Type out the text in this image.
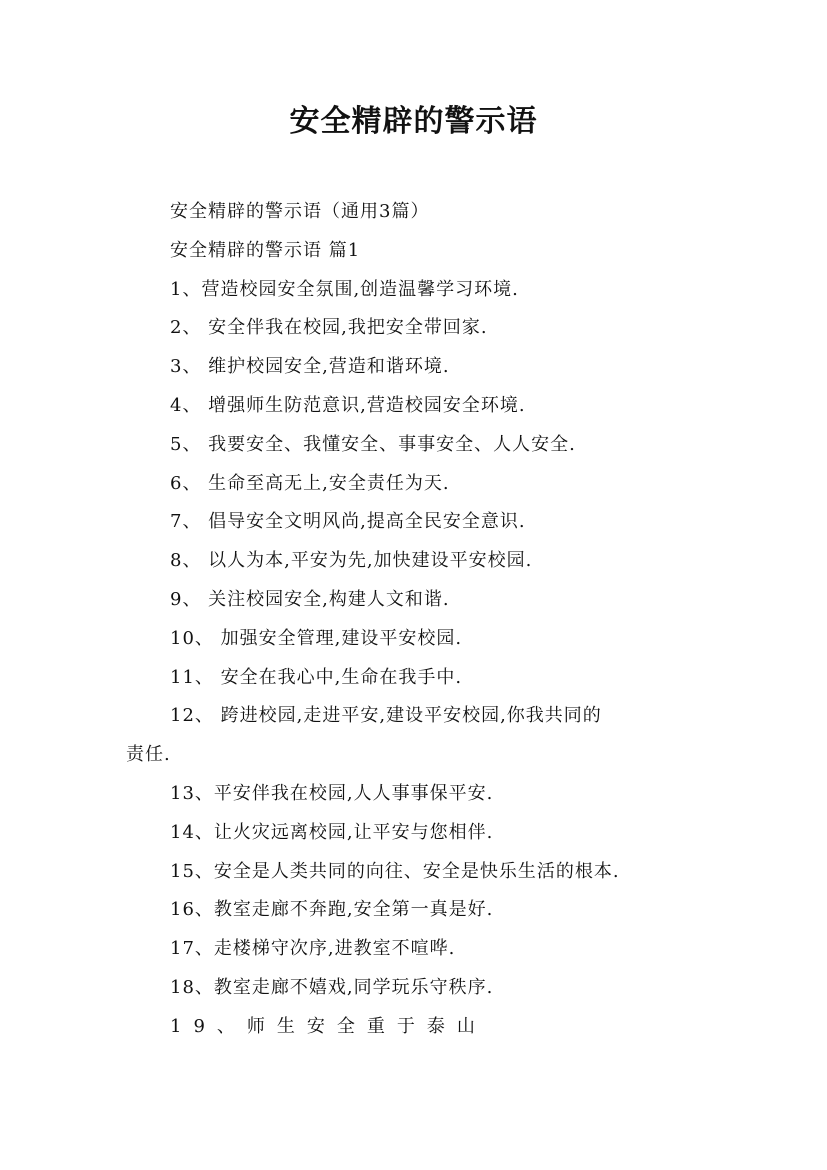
安全精辟的警示语
安全精辟的警示语（通用3篇）
安全精辟的警示语 篇1
1、营造校园安全氛围,创造温馨学习环境.
2、 安全伴我在校园,我把安全带回家.
3、 维护校园安全,营造和谐环境.
4、 增强师生防范意识,营造校园安全环境.
5、 我要安全、我懂安全、事事安全、人人安全.
6、 生命至高无上,安全责任为天.
7、 倡导安全文明风尚,提高全民安全意识.
8、 以人为本,平安为先,加快建设平安校园.
9、 关注校园安全,构建人文和谐.
10、 加强安全管理,建设平安校园.
11、 安全在我心中,生命在我手中.
12、 跨进校园,走进平安,建设平安校园,你我共同的
责任.
13、平安伴我在校园,人人事事保平安.
14、让火灾远离校园,让平安与您相伴.
15、安全是人类共同的向往、安全是快乐生活的根本.
16、教室走廊不奔跑,安全第一真是好.
17、走楼梯守次序,进教室不喧哗.
18、教室走廊不嬉戏,同学玩乐守秩序.
19、师生安全重于泰山
